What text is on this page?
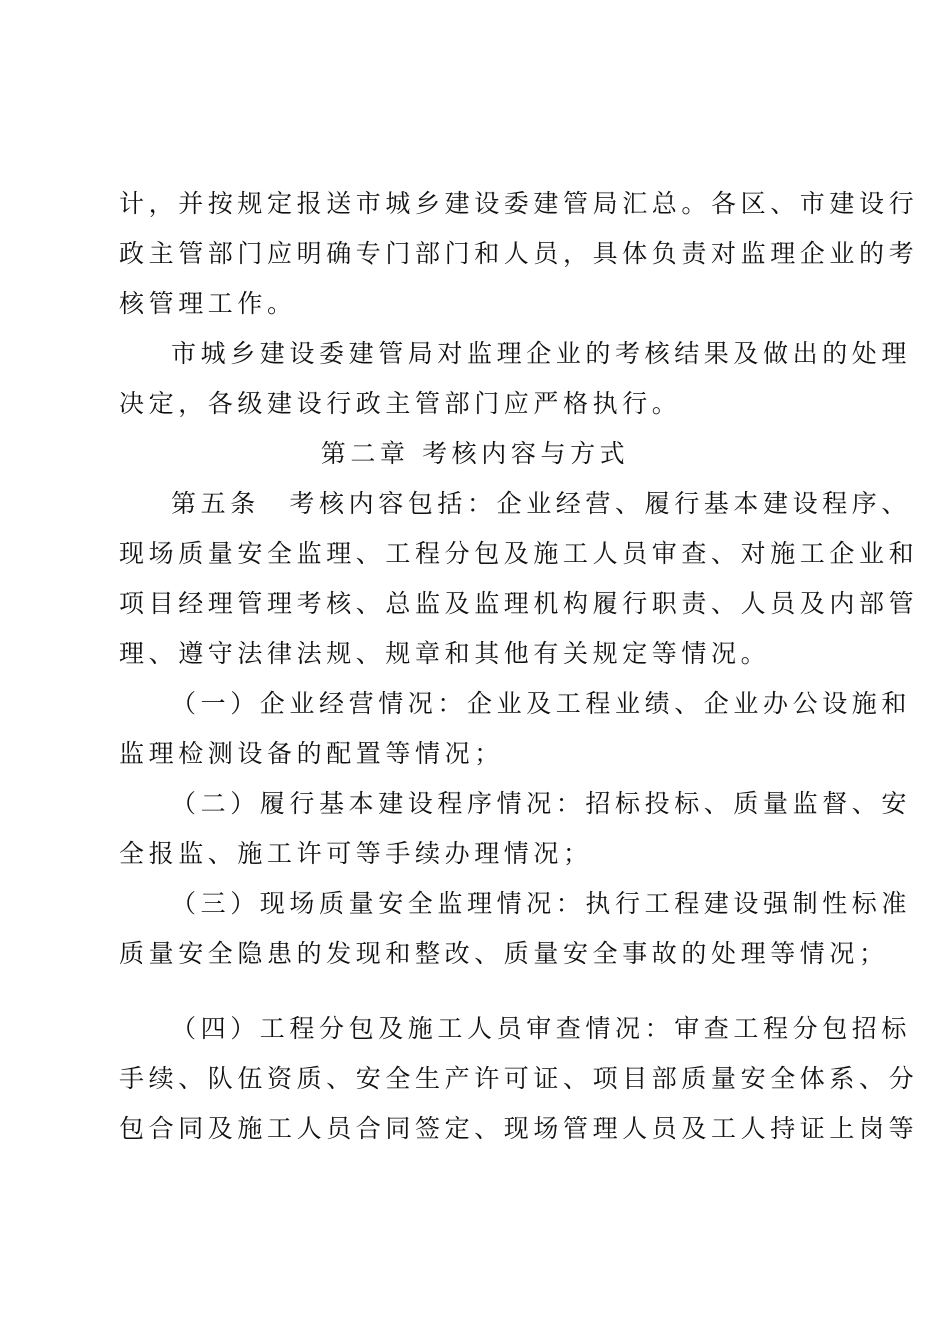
计，并按规定报送市城乡建设委建管局汇总。各区、市建设行
政主管部门应明确专门部门和人员，具体负责对监理企业的考
核管理工作。
市城乡建设委建管局对监理企业的考核结果及做出的处理
决定，各级建设行政主管部门应严格执行。
第二章 考核内容与方式
第五条　考核内容包括：企业经营、履行基本建设程序、
现场质量安全监理、工程分包及施工人员审查、对施工企业和
项目经理管理考核、总监及监理机构履行职责、人员及内部管
理、遵守法律法规、规章和其他有关规定等情况。
（一）企业经营情况：企业及工程业绩、企业办公设施和
监理检测设备的配置等情况；
（二）履行基本建设程序情况：招标投标、质量监督、安
全报监、施工许可等手续办理情况；
（三）现场质量安全监理情况：执行工程建设强制性标准
质量安全隐患的发现和整改、质量安全事故的处理等情况；
（四）工程分包及施工人员审查情况：审查工程分包招标
手续、队伍资质、安全生产许可证、项目部质量安全体系、分
包合同及施工人员合同签定、现场管理人员及工人持证上岗等
